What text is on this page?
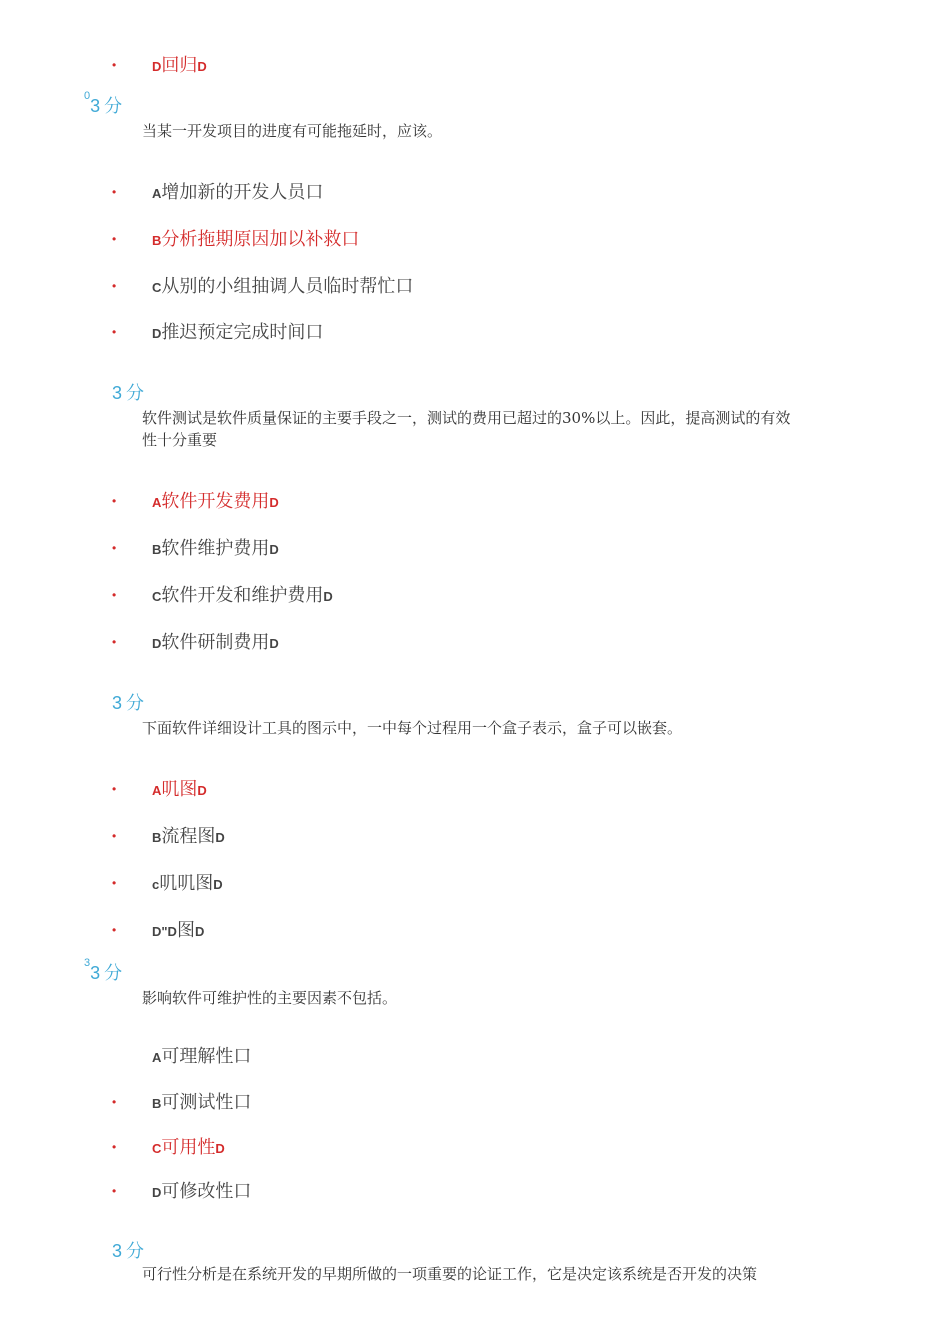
•	D回归D
$^0$3 分
当某一开发项目的进度有可能拖延时，应该。
•	A增加新的开发人员口
•	B分析拖期原因加以补救口
•	C从别的小组抽调人员临时帮忙口
•	D推迟预定完成时间口
3 分
软件测试是软件质量保证的主要手段之一，测试的费用已超过的30%以上。因此，提高测试的有效性十分重要
•	A软件开发费用D
•	B软件维护费用D
•	C软件开发和维护费用D
•	D软件研制费用D
3 分
下面软件详细设计工具的图示中，一中每个过程用一个盒子表示，盒子可以嵌套。
•	A叽图D
•	B流程图D
•	c叽叽图D
•	D"D图D
$^3$3 分
影响软件可维护性的主要因素不包括。
A可理解性口
•	B可测试性口
•	C可用性D
•	D可修改性口
3 分
可行性分析是在系统开发的早期所做的一项重要的论证工作，它是决定该系统是否开发的决策
